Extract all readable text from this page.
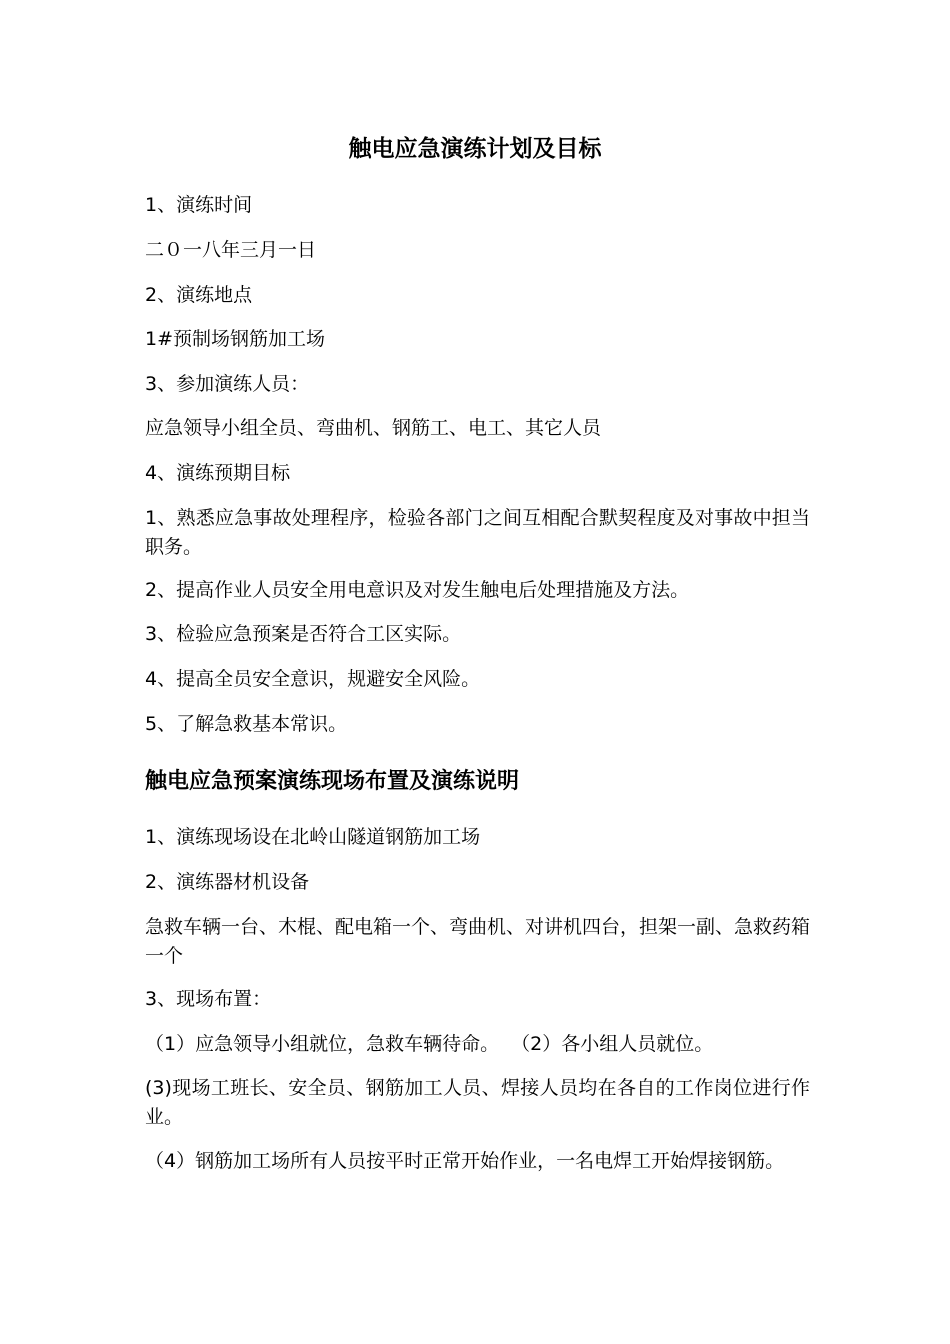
触电应急演练计划及目标
1、演练时间
二０一八年三月一日
2、演练地点
1#预制场钢筋加工场
3、参加演练人员：
应急领导小组全员、弯曲机、钢筋工、电工、其它人员
4、演练预期目标
1、熟悉应急事故处理程序，检验各部门之间互相配合默契程度及对事故中担当职务。
2、提高作业人员安全用电意识及对发生触电后处理措施及方法。
3、检验应急预案是否符合工区实际。
4、提高全员安全意识，规避安全风险。
5、了解急救基本常识。
触电应急预案演练现场布置及演练说明
1、演练现场设在北岭山隧道钢筋加工场
2、演练器材机设备
急救车辆一台、木棍、配电箱一个、弯曲机、对讲机四台，担架一副、急救药箱一个
3、现场布置：
（1）应急领导小组就位，急救车辆待命。  （2）各小组人员就位。
(3)现场工班长、安全员、钢筋加工人员、焊接人员均在各自的工作岗位进行作业。
（4）钢筋加工场所有人员按平时正常开始作业，一名电焊工开始焊接钢筋。
